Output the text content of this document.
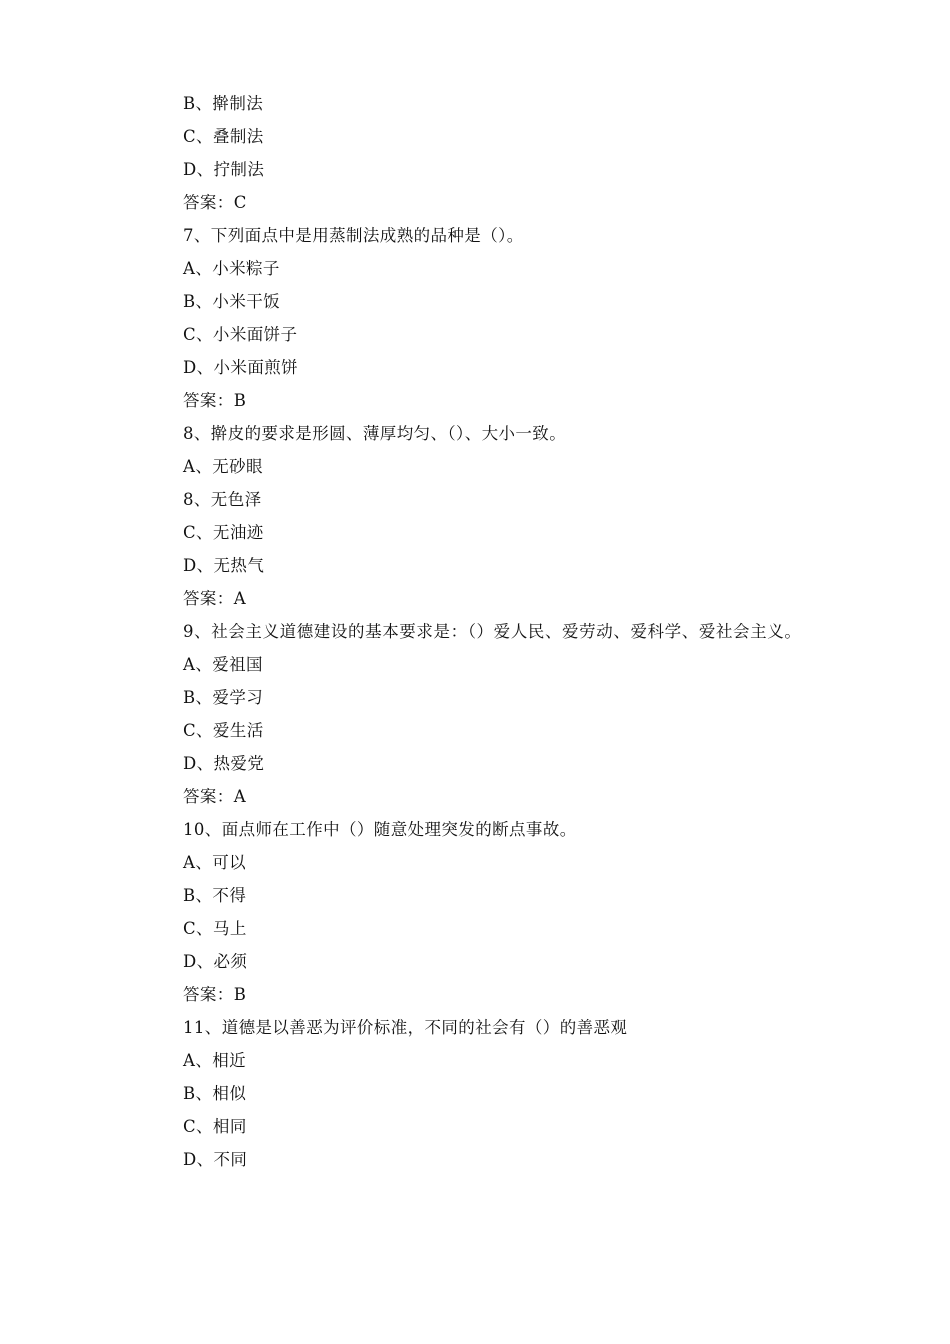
B、擀制法
C、叠制法
D、拧制法
答案：C
7、下列面点中是用蒸制法成熟的品种是（）。
A、小米粽子
B、小米干饭
C、小米面饼子
D、小米面煎饼
答案：B
8、擀皮的要求是形圆、薄厚均匀、（）、大小一致。
A、无砂眼
8、无色泽
C、无油迹
D、无热气
答案：A
9、社会主义道德建设的基本要求是：（）爱人民、爱劳动、爱科学、爱社会主义。
A、爱祖国
B、爱学习
C、爱生活
D、热爱党
答案：A
10、面点师在工作中（）随意处理突发的断点事故。
A、可以
B、不得
C、马上
D、必须
答案：B
11、道德是以善恶为评价标准，不同的社会有（）的善恶观
A、相近
B、相似
C、相同
D、不同
